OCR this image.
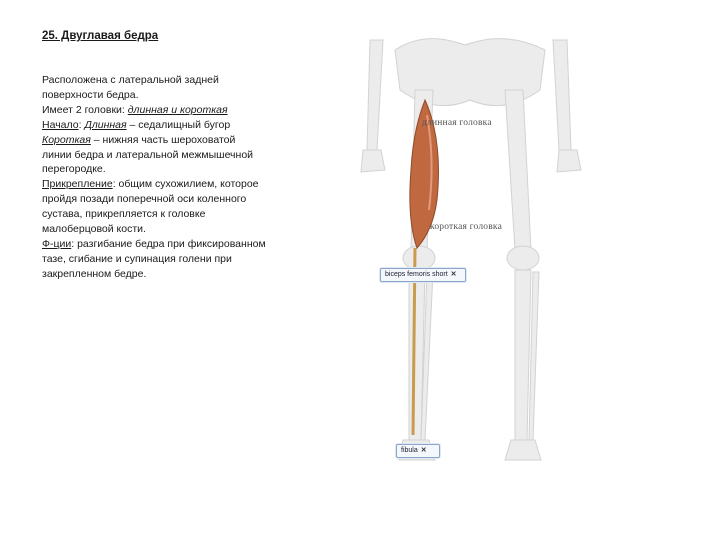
25. Двуглавая бедра

Расположена с латеральной задней поверхности бедра.

Имеет 2 головки: длинная и короткая

Начало: Длинная – седалищный бугор

Короткая – нижняя часть шероховатой линии бедра и латеральной межмышечной перегородке.

Прикрепление: общим сухожилием, которое пройдя позади поперечной оси коленного сустава, прикрепляется к головке малоберцовой кости.

Ф-ции: разгибание бедра при фиксированном тазе, сгибание и супинация голени при закрепленном бедре.

длинная головка
короткая головка
biceps femoris short ✕
fibula ✕
